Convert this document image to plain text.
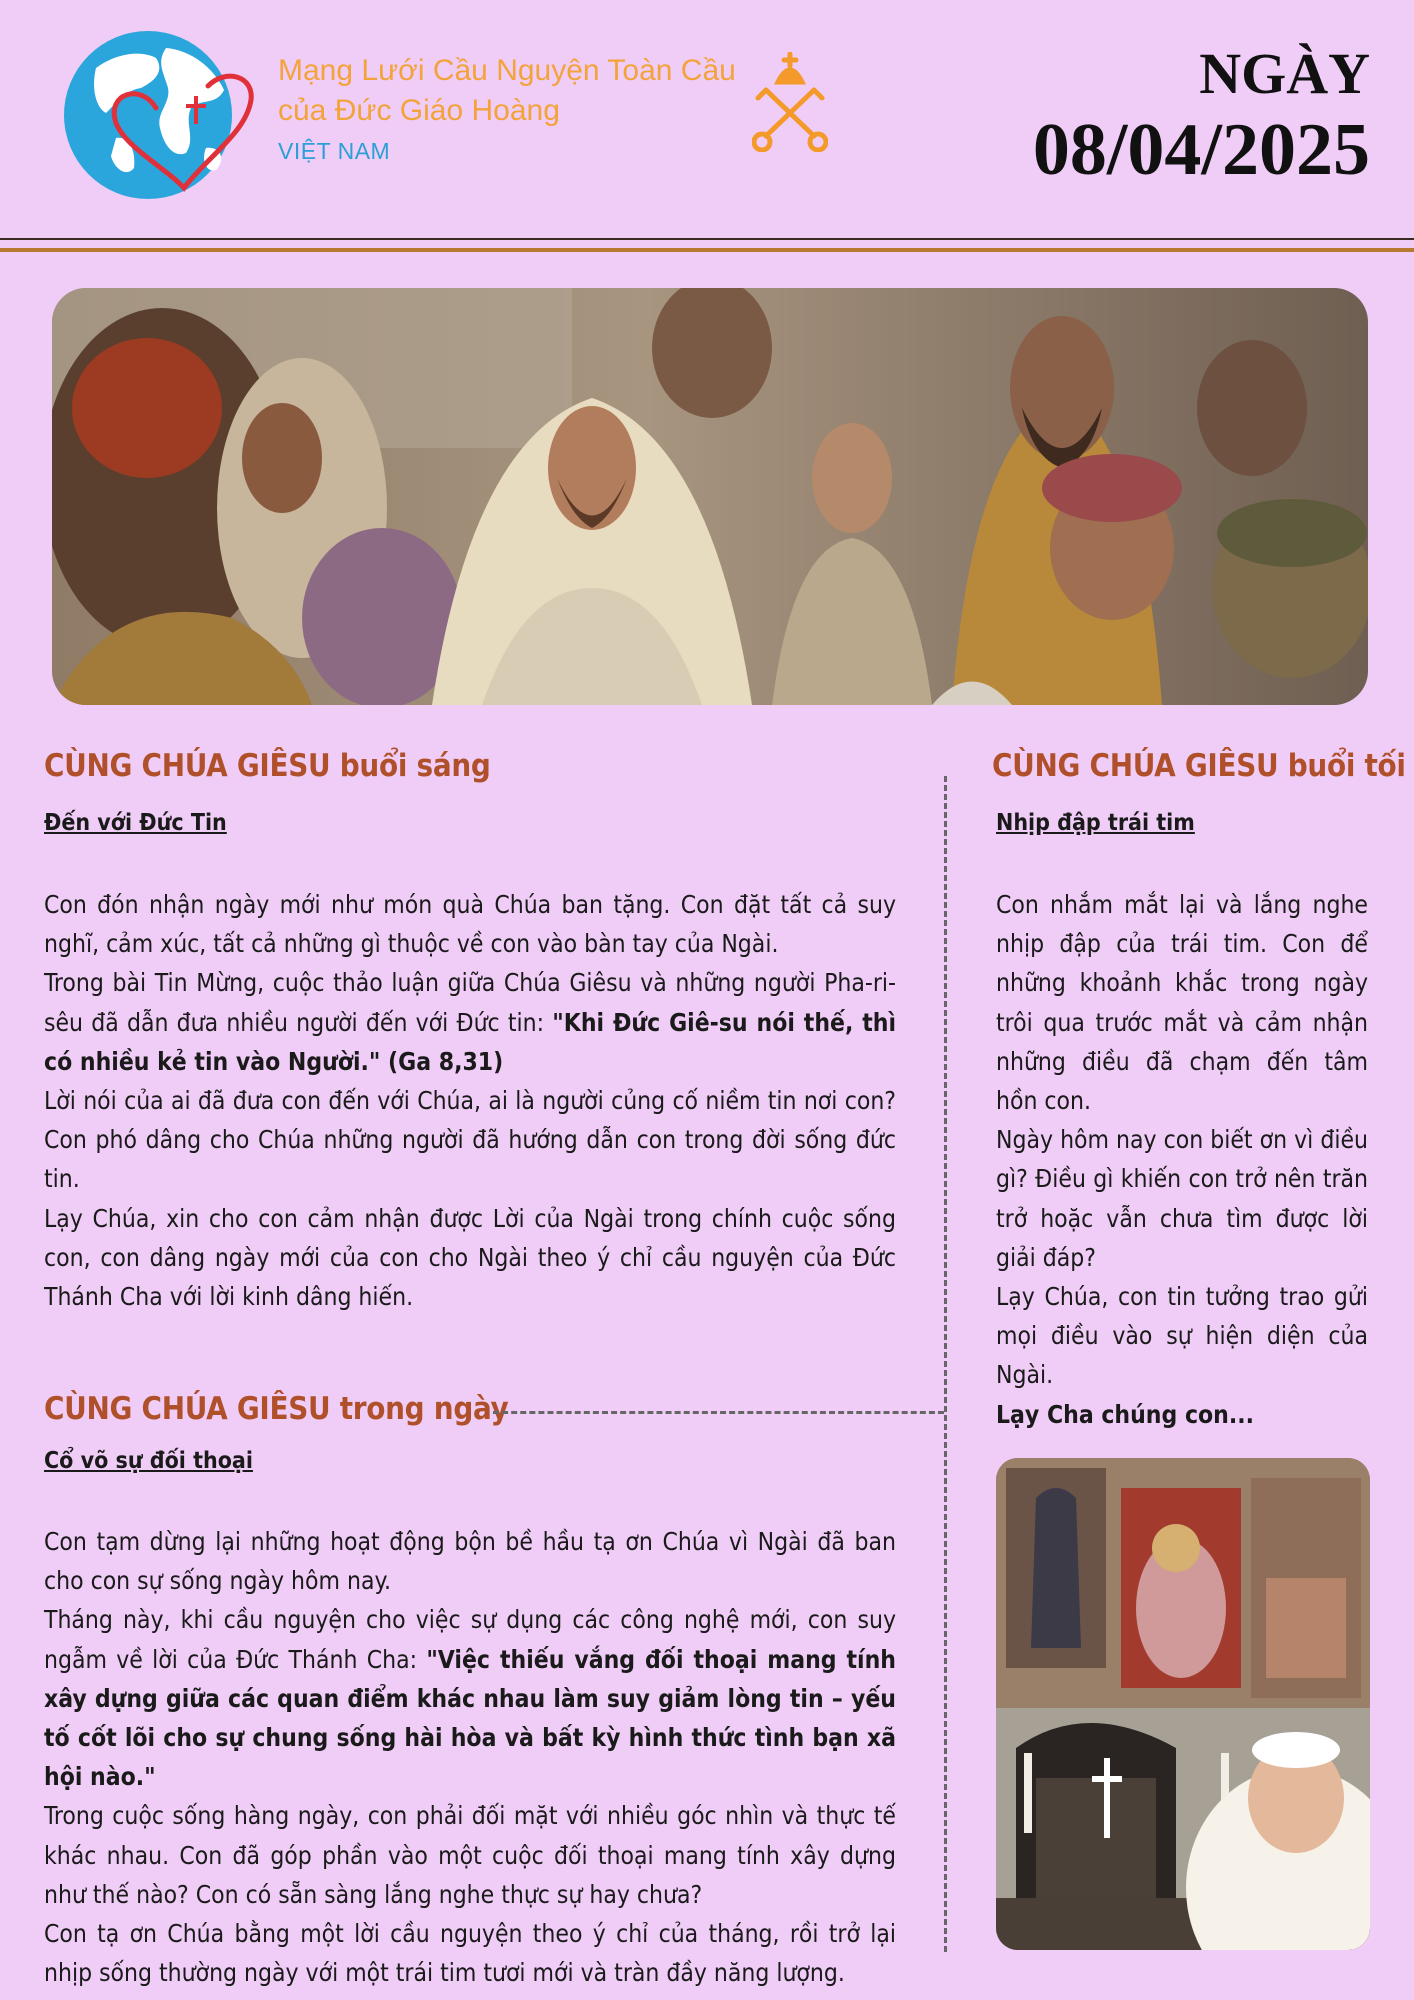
Mạng Lưới Cầu Nguyện Toàn Cầu
của Đức Giáo Hoàng
VIỆT NAM
NGÀY
08/04/2025
CÙNG CHÚA GIÊSU buổi sáng
Đến với Đức Tin

Con đón nhận ngày mới như món quà Chúa ban tặng. Con đặt tất cả suy nghĩ, cảm xúc, tất cả những gì thuộc về con vào bàn tay của Ngài.

Trong bài Tin Mừng, cuộc thảo luận giữa Chúa Giêsu và những người Pha-ri-sêu đã dẫn đưa nhiều người đến với Đức tin: "Khi Đức Giê-su nói thế, thì có nhiều kẻ tin vào Người." (Ga 8,31)

Lời nói của ai đã đưa con đến với Chúa, ai là người củng cố niềm tin nơi con? Con phó dâng cho Chúa những người đã hướng dẫn con trong đời sống đức tin.

Lạy Chúa, xin cho con cảm nhận được Lời của Ngài trong chính cuộc sống con, con dâng ngày mới của con cho Ngài theo ý chỉ cầu nguyện của Đức Thánh Cha với lời kinh dâng hiến.

CÙNG CHÚA GIÊSU trong ngày
Cổ võ sự đối thoại

Con tạm dừng lại những hoạt động bộn bề hầu tạ ơn Chúa vì Ngài đã ban cho con sự sống ngày hôm nay.

Tháng này, khi cầu nguyện cho việc sự dụng các công nghệ mới, con suy ngẫm về lời của Đức Thánh Cha: "Việc thiếu vắng đối thoại mang tính xây dựng giữa các quan điểm khác nhau làm suy giảm lòng tin – yếu tố cốt lõi cho sự chung sống hài hòa và bất kỳ hình thức tình bạn xã hội nào."

Trong cuộc sống hàng ngày, con phải đối mặt với nhiều góc nhìn và thực tế khác nhau. Con đã góp phần vào một cuộc đối thoại mang tính xây dựng như thế nào? Con có sẵn sàng lắng nghe thực sự hay chưa?

Con tạ ơn Chúa bằng một lời cầu nguyện theo ý chỉ của tháng, rồi trở lại nhịp sống thường ngày với một trái tim tươi mới và tràn đầy năng lượng.

CÙNG CHÚA GIÊSU buổi tối
Nhịp đập trái tim

Con nhắm mắt lại và lắng nghe nhịp đập của trái tim. Con để những khoảnh khắc trong ngày trôi qua trước mắt và cảm nhận những điều đã chạm đến tâm hồn con.

Ngày hôm nay con biết ơn vì điều gì? Điều gì khiến con trở nên trăn trở hoặc vẫn chưa tìm được lời giải đáp?

Lạy Chúa, con tin tưởng trao gửi mọi điều vào sự hiện diện của Ngài.

Lạy Cha chúng con...
